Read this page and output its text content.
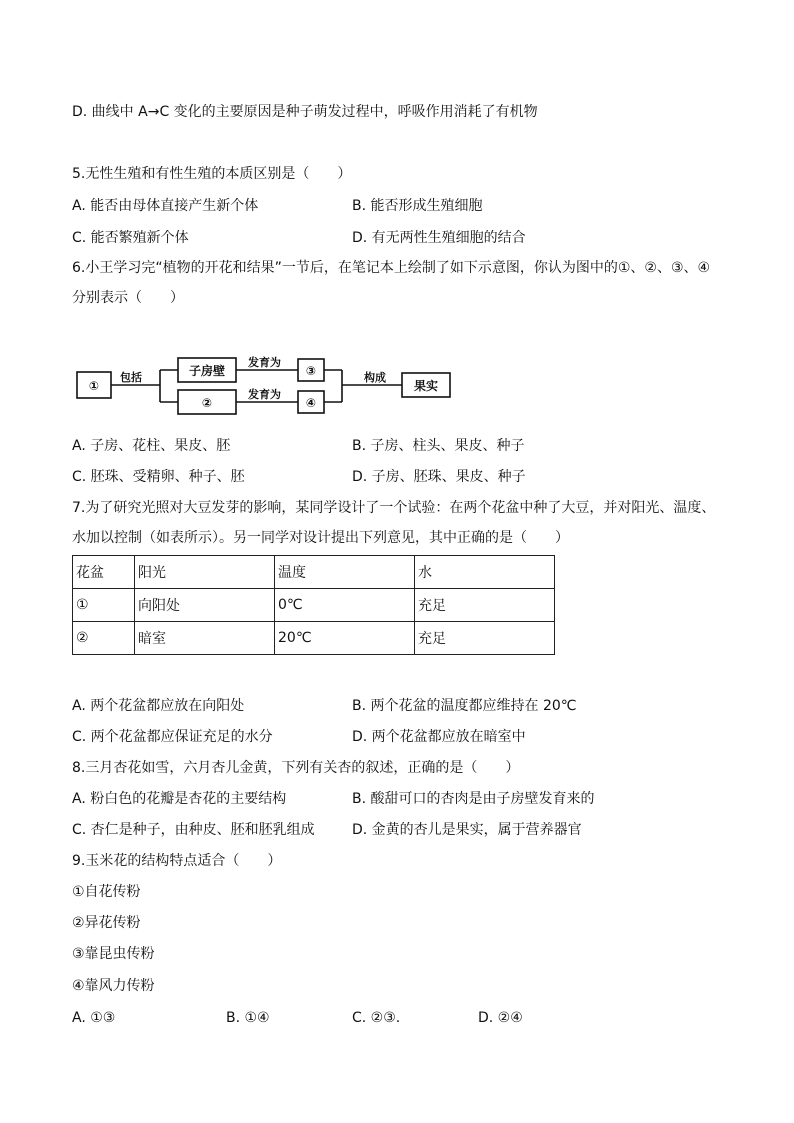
D. 曲线中 A→C 变化的主要原因是种子萌发过程中，呼吸作用消耗了有机物
5.无性生殖和有性生殖的本质区别是（　　）
A. 能否由母体直接产生新个体	B. 能否形成生殖细胞
C. 能否繁殖新个体	D. 有无两性生殖细胞的结合
6.小王学习完“植物的开花和结果”一节后，在笔记本上绘制了如下示意图，你认为图中的①、②、③、④
分别表示（　　）
包括
发育为
发育为
构成
①
子房壁
②
③
④
果实
A. 子房、花柱、果皮、胚	B. 子房、柱头、果皮、种子
C. 胚珠、受精卵、种子、胚	D. 子房、胚珠、果皮、种子
7.为了研究光照对大豆发芽的影响，某同学设计了一个试验：在两个花盆中种了大豆，并对阳光、温度、
水加以控制（如表所示）。另一同学对设计提出下列意见，其中正确的是（　　）
花盆	阳光	温度	水
①	向阳处	0℃	充足
②	暗室	20℃	充足
A. 两个花盆都应放在向阳处	B. 两个花盆的温度都应维持在 20℃
C. 两个花盆都应保证充足的水分	D. 两个花盆都应放在暗室中
8.三月杏花如雪，六月杏儿金黄，下列有关杏的叙述，正确的是（　　）
A. 粉白色的花瓣是杏花的主要结构	B. 酸甜可口的杏肉是由子房壁发育来的
C. 杏仁是种子，由种皮、胚和胚乳组成	D. 金黄的杏儿是果实，属于营养器官
9.玉米花的结构特点适合（　　）
①自花传粉
②异花传粉
③靠昆虫传粉
④靠风力传粉
A. ①③	B. ①④	C. ②③.	D. ②④
